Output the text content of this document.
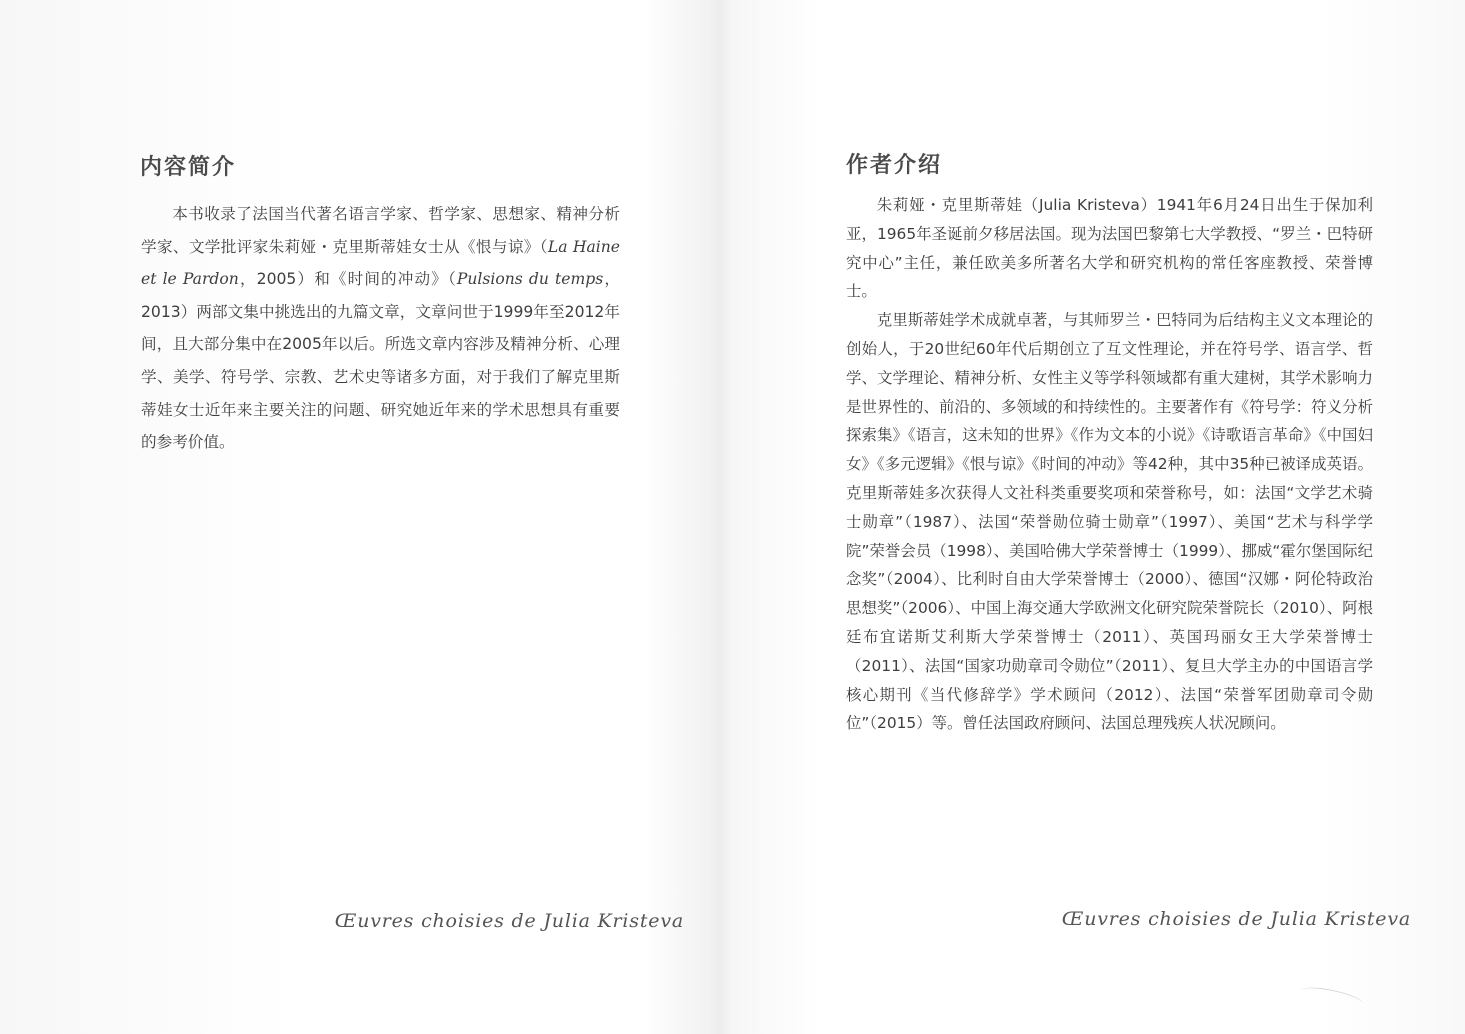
内容简介

本书收录了法国当代著名语言学家、哲学家、思想家、精神分析学家、文学批评家朱莉娅・克里斯蒂娃女士从《恨与谅》（La Haine et le Pardon，2005）和《时间的冲动》（Pulsions du temps，2013）两部文集中挑选出的九篇文章，文章问世于1999年至2012年间，且大部分集中在2005年以后。所选文章内容涉及精神分析、心理学、美学、符号学、宗教、艺术史等诸多方面，对于我们了解克里斯蒂娃女士近年来主要关注的问题、研究她近年来的学术思想具有重要的参考价值。

Œuvres choisies de Julia Kristeva
作者介绍

朱莉娅・克里斯蒂娃（Julia Kristeva）1941年6月24日出生于保加利亚，1965年圣诞前夕移居法国。现为法国巴黎第七大学教授、“罗兰・巴特研究中心”主任，兼任欧美多所著名大学和研究机构的常任客座教授、荣誉博士。

克里斯蒂娃学术成就卓著，与其师罗兰・巴特同为后结构主义文本理论的创始人，于20世纪60年代后期创立了互文性理论，并在符号学、语言学、哲学、文学理论、精神分析、女性主义等学科领域都有重大建树，其学术影响力是世界性的、前沿的、多领域的和持续性的。主要著作有《符号学：符义分析探索集》《语言，这未知的世界》《作为文本的小说》《诗歌语言革命》《中国妇女》《多元逻辑》《恨与谅》《时间的冲动》等42种，其中35种已被译成英语。克里斯蒂娃多次获得人文社科类重要奖项和荣誉称号，如：法国“文学艺术骑士勋章”（1987）、法国“荣誉勋位骑士勋章”（1997）、美国“艺术与科学学院”荣誉会员（1998）、美国哈佛大学荣誉博士（1999）、挪威“霍尔堡国际纪念奖”（2004）、比利时自由大学荣誉博士（2000）、德国“汉娜・阿伦特政治思想奖”（2006）、中国上海交通大学欧洲文化研究院荣誉院长（2010）、阿根廷布宜诺斯艾利斯大学荣誉博士（2011）、英国玛丽女王大学荣誉博士（2011）、法国“国家功勋章司令勋位”（2011）、复旦大学主办的中国语言学核心期刊《当代修辞学》学术顾问（2012）、法国“荣誉军团勋章司令勋位”（2015）等。曾任法国政府顾问、法国总理残疾人状况顾问。

Œuvres choisies de Julia Kristeva
